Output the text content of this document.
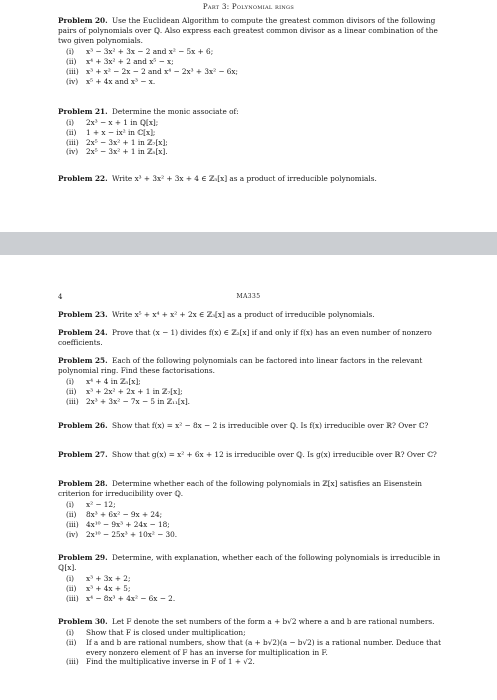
Part 3: Polynomial rings
Problem 20. Use the Euclidean Algorithm to compute the greatest common divisors of the following pairs of polynomials over ℚ. Also express each greatest common divisor as a linear combination of the two given polynomials.
(i)	x³ − 3x² + 3x − 2 and x² − 5x + 6;
(ii)	x⁴ + 3x² + 2 and x⁵ − x;
(iii) x³ + x² − 2x − 2 and x⁴ − 2x³ + 3x² − 6x;
(iv)	x⁵ + 4x and x³ − x.
Problem 21. Determine the monic associate of:
(i)	2x³ − x + 1 in ℚ[x];
(ii)	1 + x − ix² in ℂ[x];
(iii) 2x⁵ − 3x² + 1 in ℤ₇[x];
(iv)	2x⁵ − 3x² + 1 in ℤ₅[x].
Problem 22. Write x³ + 3x² + 3x + 4 ∈ ℤ₅[x] as a product of irreducible polynomials.
4	MA335
Problem 23. Write x⁵ + x⁴ + x² + 2x ∈ ℤ₃[x] as a product of irreducible polynomials.
Problem 24. Prove that (x − 1) divides f(x) ∈ ℤ₂[x] if and only if f(x) has an even number of nonzero coefficients.
Problem 25. Each of the following polynomials can be factored into linear factors in the relevant polynomial ring. Find these factorisations.
(i)	x⁴ + 4 in ℤ₅[x];
(ii)	x³ + 2x² + 2x + 1 in ℤ₇[x];
(iii) 2x³ + 3x² − 7x − 5 in ℤ₁₁[x].
Problem 26. Show that f(x) = x² − 8x − 2 is irreducible over ℚ. Is f(x) irreducible over ℝ? Over ℂ?
Problem 27. Show that g(x) = x² + 6x + 12 is irreducible over ℚ. Is g(x) irreducible over ℝ? Over ℂ?
Problem 28. Determine whether each of the following polynomials in ℤ[x] satisfies an Eisenstein criterion for irreducibility over ℚ.
(i)	x² − 12;
(ii)	8x³ + 6x² − 9x + 24;
(iii) 4x¹⁰ − 9x³ + 24x − 18;
(iv)	2x¹⁰ − 25x³ + 10x² − 30.
Problem 29. Determine, with explanation, whether each of the following polynomials is irreducible in ℚ[x].
(i)	x³ + 3x + 2;
(ii)	x³ + 4x + 5;
(iii) x⁴ − 8x³ + 4x² − 6x − 2.
Problem 30. Let F denote the set numbers of the form a + b√2 where a and b are rational numbers.
(i)	Show that F is closed under multiplication;
(ii)	If a and b are rational numbers, show that (a + b√2)(a − b√2) is a rational number. Deduce that every nonzero element of F has an inverse for multiplication in F.
(iii) Find the multiplicative inverse in F of 1 + √2.
